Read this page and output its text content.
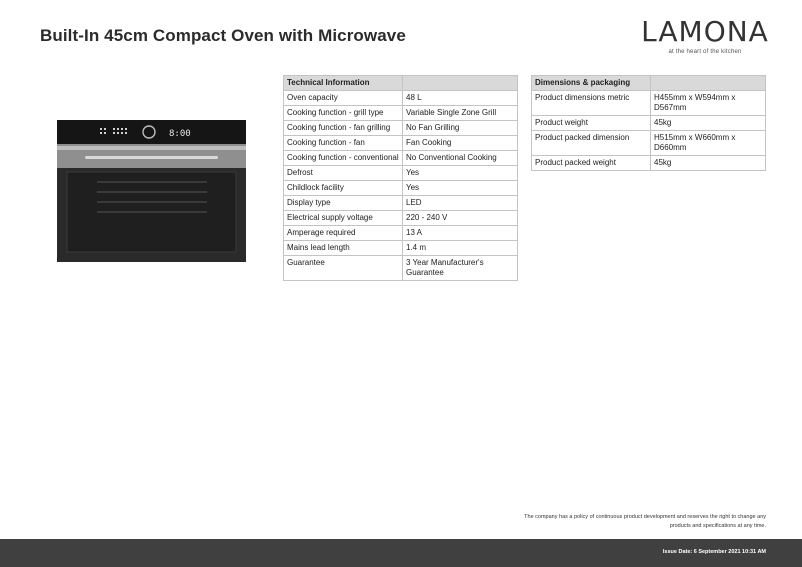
Built-In 45cm Compact Oven with Microwave	LAMONA
at the heart of the kitchen
8:00
Technical Information	
Oven capacity	48 L
Cooking function - grill type	Variable Single Zone Grill
Cooking function - fan grilling	No Fan Grilling
Cooking function - fan	Fan Cooking
Cooking function - conventional	No Conventional Cooking
Defrost	Yes
Childlock facility	Yes
Display type	LED
Electrical supply voltage	220 - 240 V
Amperage required	13 A
Mains lead length	1.4 m
Guarantee	3 Year Manufacturer's Guarantee
Dimensions & packaging	
Product dimensions metric	H455mm x W594mm x D567mm
Product weight	45kg
Product packed dimension	H515mm x W660mm x D660mm
Product packed weight	45kg
The company has a policy of continuous product development and reserves the right to change any products and specifications at any time.
Issue Date: 6 September 2021 10:31 AM
